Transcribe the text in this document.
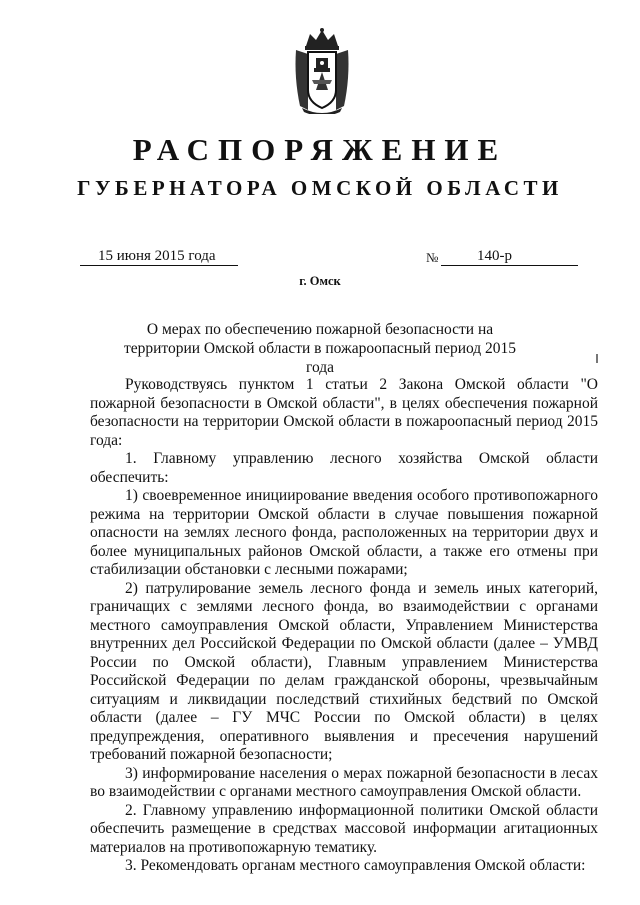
РАСПОРЯЖЕНИЕ
ГУБЕРНАТОРА ОМСКОЙ ОБЛАСТИ
15 июня 2015 года	№	140-р
г. Омск

О мерах по обеспечению пожарной безопасности на территории Омской области в пожароопасный период 2015 года

Руководствуясь пунктом 1 статьи 2 Закона Омской области "О пожарной безопасности в Омской области", в целях обеспечения пожарной безопасности на территории Омской области в пожароопасный период 2015 года:

1. Главному управлению лесного хозяйства Омской области обеспечить:

1) своевременное инициирование введения особого противопожарного режима на территории Омской области в случае повышения пожарной опасности на землях лесного фонда, расположенных на территории двух и более муниципальных районов Омской области, а также его отмены при стабилизации обстановки с лесными пожарами;

2) патрулирование земель лесного фонда и земель иных категорий, граничащих с землями лесного фонда, во взаимодействии с органами местного самоуправления Омской области, Управлением Министерства внутренних дел Российской Федерации по Омской области (далее – УМВД России по Омской области), Главным управлением Министерства Российской Федерации по делам гражданской обороны, чрезвычайным ситуациям и ликвидации последствий стихийных бедствий по Омской области (далее – ГУ МЧС России по Омской области) в целях предупреждения, оперативного выявления и пресечения нарушений требований пожарной безопасности;

3) информирование населения о мерах пожарной безопасности в лесах во взаимодействии с органами местного самоуправления Омской области.

2. Главному управлению информационной политики Омской области обеспечить размещение в средствах массовой информации агитационных материалов на противопожарную тематику.

3. Рекомендовать органам местного самоуправления Омской области:
